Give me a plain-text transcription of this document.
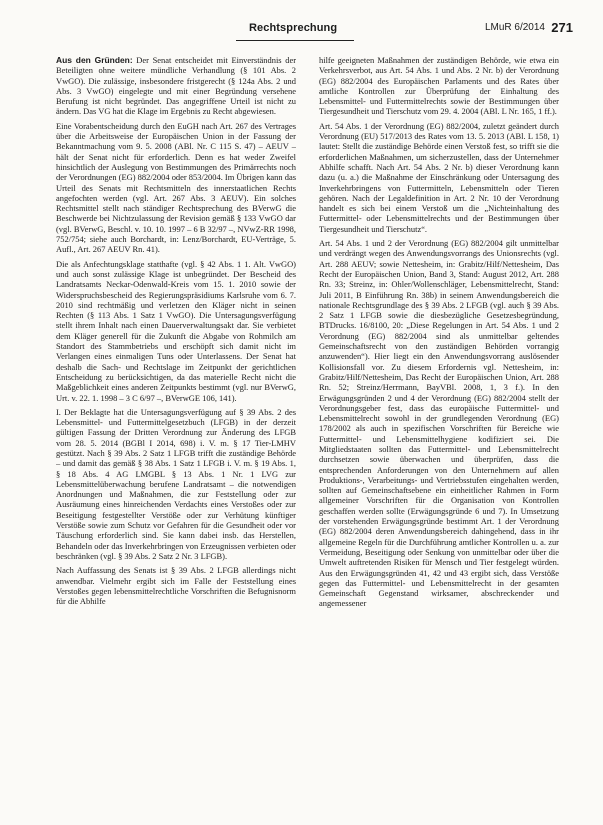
Rechtsprechung	LMuR 6/2014 271

Aus den Gründen: Der Senat entscheidet mit Einverständnis der Beteiligten ohne weitere mündliche Verhandlung (§ 101 Abs. 2 VwGO). Die zulässige, insbesondere fristgerecht (§ 124a Abs. 2 und Abs. 3 VwGO) eingelegte und mit einer Begründung versehene Berufung ist nicht begründet. Das angegriffene Urteil ist nicht zu ändern. Das VG hat die Klage im Ergebnis zu Recht abgewiesen.

Eine Vorabentscheidung durch den EuGH nach Art. 267 des Vertrages über die Arbeitsweise der Europäischen Union in der Fassung der Bekanntmachung vom 9. 5. 2008 (ABl. Nr. C 115 S. 47) – AEUV – hält der Senat nicht für erforderlich. Denn es hat weder Zweifel hinsichtlich der Auslegung von Bestimmungen des Primärrechts noch der Verordnungen (EG) 882/2004 oder 853/2004. Im Übrigen kann das Urteil des Senats mit Rechtsmitteln des innerstaatlichen Rechts angefochten werden (vgl. Art. 267 Abs. 3 AEUV). Ein solches Rechtsmittel stellt nach ständiger Rechtsprechung des BVerwG die Beschwerde bei Nichtzulassung der Revision gemäß § 133 VwGO dar (vgl. BVerwG, Beschl. v. 10. 10. 1997 – 6 B 32/97 –, NVwZ-RR 1998, 752/754; siehe auch Borchardt, in: Lenz/Borchardt, EU-Verträge, 5. Aufl., Art. 267 AEUV Rn. 41).

Die als Anfechtungsklage statthafte (vgl. § 42 Abs. 1 1. Alt. VwGO) und auch sonst zulässige Klage ist unbegründet. Der Bescheid des Landratsamts Neckar-Odenwald-Kreis vom 15. 1. 2010 sowie der Widerspruchsbescheid des Regierungspräsidiums Karlsruhe vom 6. 7. 2010 sind rechtmäßig und verletzen den Kläger nicht in seinen Rechten (§ 113 Abs. 1 Satz 1 VwGO). Die Untersagungsverfügung stellt ihrem Inhalt nach einen Dauerverwaltungsakt dar. Sie verbietet dem Kläger generell für die Zukunft die Abgabe von Rohmilch am Standort des Stammbetriebs und erschöpft sich damit nicht im Verlangen eines einmaligen Tuns oder Unterlassens. Der Senat hat deshalb die Sach- und Rechtslage im Zeitpunkt der gerichtlichen Entscheidung zu berücksichtigen, da das materielle Recht nicht die Maßgeblichkeit eines anderen Zeitpunkts bestimmt (vgl. nur BVerwG, Urt. v. 22. 1. 1998 – 3 C 6/97 –, BVerwGE 106, 141).

I. Der Beklagte hat die Untersagungsverfügung auf § 39 Abs. 2 des Lebensmittel- und Futtermittelgesetzbuch (LFGB) in der derzeit gültigen Fassung der Dritten Verordnung zur Änderung des LFGB vom 28. 5. 2014 (BGBl I 2014, 698) i. V. m. § 17 Tier-LMHV gestützt. Nach § 39 Abs. 2 Satz 1 LFGB trifft die zuständige Behörde – und damit das gemäß § 38 Abs. 1 Satz 1 LFGB i. V. m. § 19 Abs. 1, § 18 Abs. 4 AG LMGBL § 13 Abs. 1 Nr. 1 LVG zur Lebensmittelüberwachung berufene Landratsamt – die notwendigen Anordnungen und Maßnahmen, die zur Feststellung oder zur Ausräumung eines hinreichenden Verdachts eines Verstoßes oder zur Beseitigung festgestellter Verstöße oder zur Verhütung künftiger Verstöße sowie zum Schutz vor Gefahren für die Gesundheit oder vor Täuschung erforderlich sind. Sie kann dabei insb. das Herstellen, Behandeln oder das Inverkehrbringen von Erzeugnissen verbieten oder beschränken (vgl. § 39 Abs. 2 Satz 2 Nr. 3 LFGB).

Nach Auffassung des Senats ist § 39 Abs. 2 LFGB allerdings nicht anwendbar. Vielmehr ergibt sich im Falle der Feststellung eines Verstoßes gegen lebensmittelrechtliche Vorschriften die Befugnisnorm für die Abhilfe

hilfe geeigneten Maßnahmen der zuständigen Behörde, wie etwa ein Verkehrsverbot, aus Art. 54 Abs. 1 und Abs. 2 Nr. b) der Verordnung (EG) 882/2004 des Europäischen Parlaments und des Rates über amtliche Kontrollen zur Überprüfung der Einhaltung des Lebensmittel- und Futtermittelrechts sowie der Bestimmungen über Tiergesundheit und Tierschutz vom 29. 4. 2004 (ABl. L Nr. 165, 1 ff.).

Art. 54 Abs. 1 der Verordnung (EG) 882/2004, zuletzt geändert durch Verordnung (EU) 517/2013 des Rates vom 13. 5. 2013 (ABl. L 158, 1) lautet: Stellt die zuständige Behörde einen Verstoß fest, so trifft sie die erforderlichen Maßnahmen, um sicherzustellen, dass der Unternehmer Abhilfe schafft. Nach Art. 54 Abs. 2 Nr. b) dieser Verordnung kann dazu (u. a.) die Maßnahme der Einschränkung oder Untersagung des Inverkehrbringens von Futtermitteln, Lebensmitteln oder Tieren gehören. Nach der Legaldefinition in Art. 2 Nr. 10 der Verordnung handelt es sich bei einem Verstoß um die „Nichteinhaltung des Futtermittel- oder Lebensmittelrechts und der Bestimmungen über Tiergesundheit und Tierschutz“.

Art. 54 Abs. 1 und 2 der Verordnung (EG) 882/2004 gilt unmittelbar und verdrängt wegen des Anwendungsvorrangs des Unionsrechts (vgl. Art. 288 AEUV; sowie Nettesheim, in: Grabitz/Hilf/Nettesheim, Das Recht der Europäischen Union, Band 3, Stand: August 2012, Art. 288 Rn. 33; Streinz, in: Ohler/Wollenschläger, Lebensmittelrecht, Stand: Juli 2011, B Einführung Rn. 38b) in seinem Anwendungsbereich die nationale Rechtsgrundlage des § 39 Abs. 2 LFGB (vgl. auch § 39 Abs. 2 Satz 1 LFGB sowie die diesbezügliche Gesetzesbegründung, BTDrucks. 16/8100, 20: „Diese Regelungen in Art. 54 Abs. 1 und 2 Verordnung (EG) 882/2004 sind als unmittelbar geltendes Gemeinschaftsrecht von den zuständigen Behörden vorrangig anzuwenden“). Hier liegt ein den Anwendungsvorrang auslösender Kollisionsfall vor. Zu diesem Erfordernis vgl. Nettesheim, in: Grabitz/Hilf/Nettesheim, Das Recht der Europäischen Union, Art. 288 Rn. 52; Streinz/Herrmann, BayVBl. 2008, 1, 3 f.). In den Erwägungsgründen 2 und 4 der Verordnung (EG) 882/2004 stellt der Verordnungsgeber fest, dass das europäische Futtermittel- und Lebensmittelrecht sowohl in der grundlegenden Verordnung (EG) 178/2002 als auch in spezifischen Vorschriften für Bereiche wie Futtermittel- und Lebensmittelhygiene kodifiziert sei. Die Mitgliedstaaten sollten das Futtermittel- und Lebensmittelrecht durchsetzen sowie überwachen und überprüfen, dass die entsprechenden Anforderungen von den Unternehmern auf allen Produktions-, Verarbeitungs- und Vertriebsstufen eingehalten werden, sollten auf Gemeinschaftsebene ein einheitlicher Rahmen in Form allgemeiner Vorschriften für die Organisation von Kontrollen geschaffen werden sollte (Erwägungsgründe 6 und 7). In Umsetzung der vorstehenden Erwägungsgründe bestimmt Art. 1 der Verordnung (EG) 882/2004 deren Anwendungsbereich dahingehend, dass in ihr allgemeine Regeln für die Durchführung amtlicher Kontrollen u. a. zur Vermeidung, Beseitigung oder Senkung von unmittelbar oder über die Umwelt auftretenden Risiken für Mensch und Tier festgelegt würden. Aus den Erwägungsgründen 41, 42 und 43 ergibt sich, dass Verstöße gegen das Futtermittel- und Lebensmittelrecht in der gesamten Gemeinschaft Gegenstand wirksamer, abschreckender und angemessener
